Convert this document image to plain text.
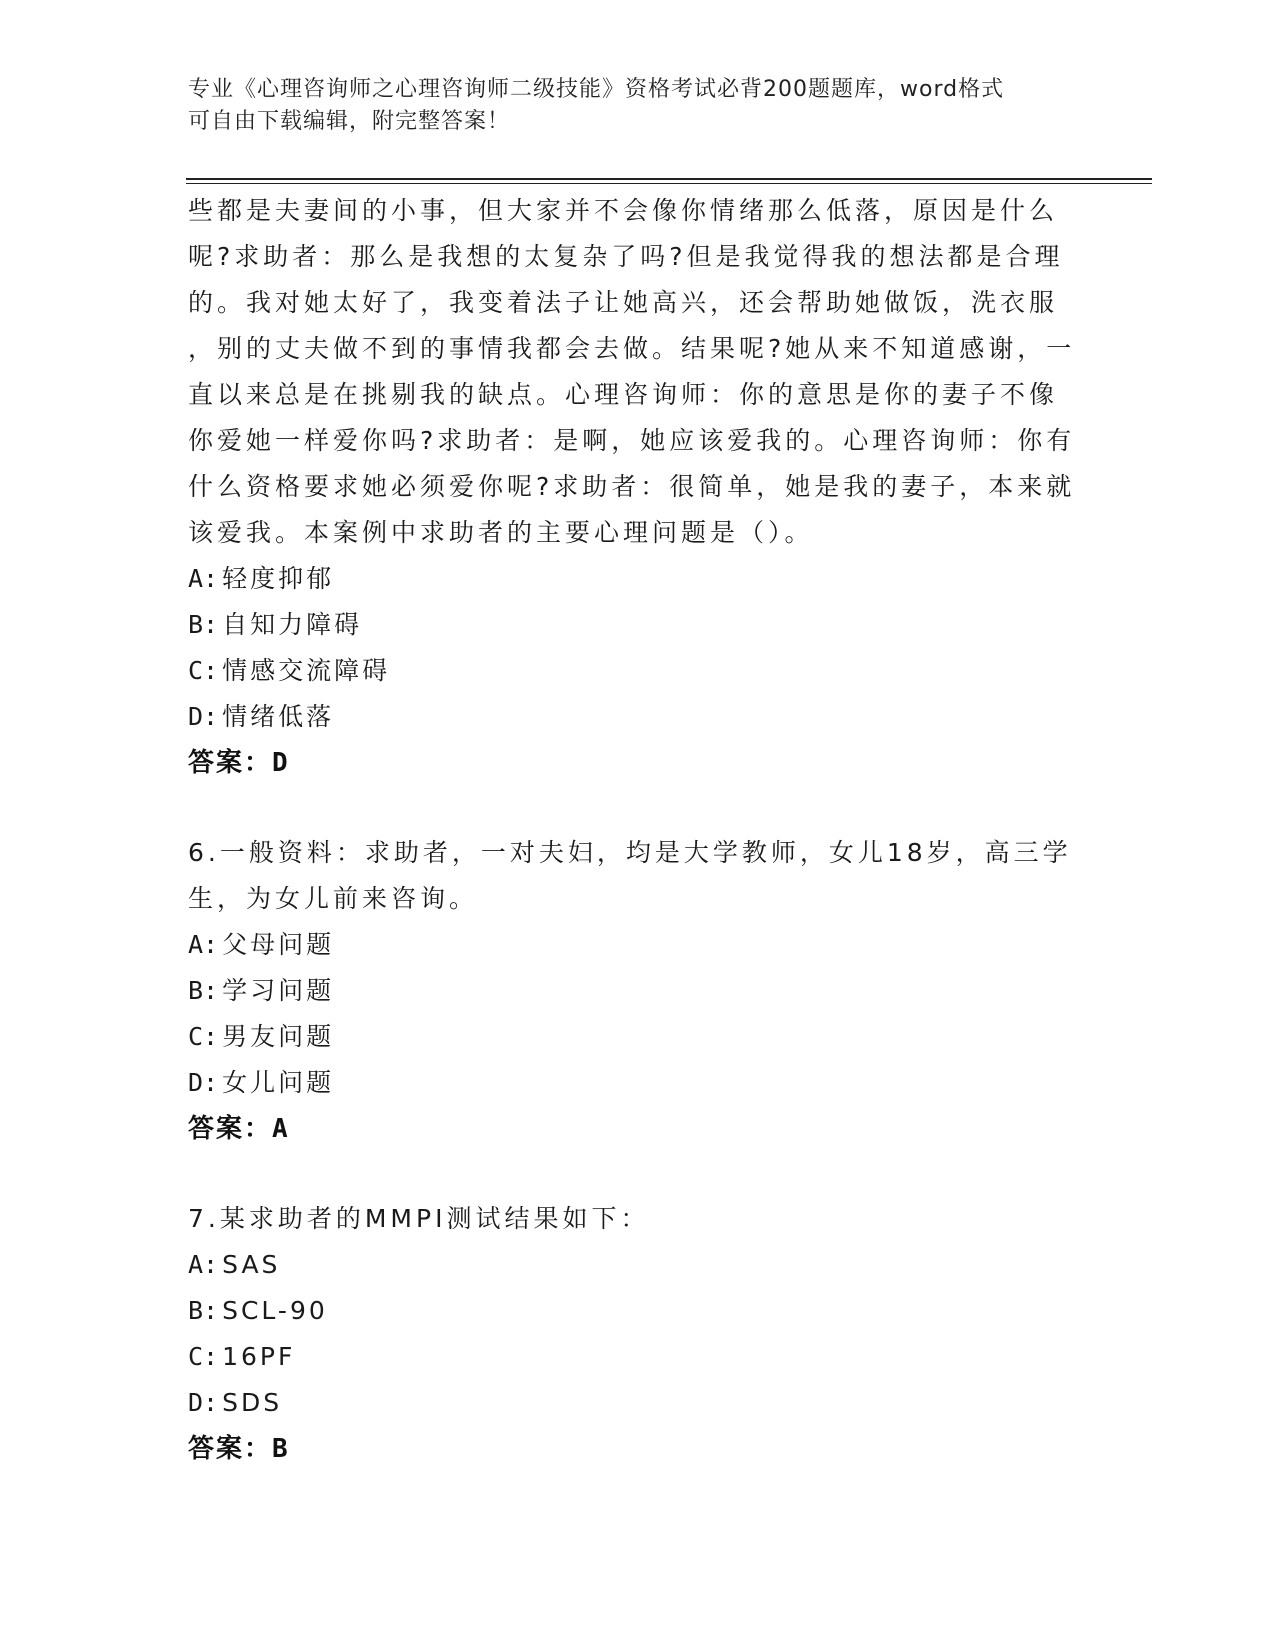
专业《心理咨询师之心理咨询师二级技能》资格考试必背200题题库，word格式
可自由下载编辑，附完整答案！
些都是夫妻间的小事，但大家并不会像你情绪那么低落，原因是什么
呢?求助者：那么是我想的太复杂了吗?但是我觉得我的想法都是合理
的。我对她太好了，我变着法子让她高兴，还会帮助她做饭，洗衣服
，别的丈夫做不到的事情我都会去做。结果呢?她从来不知道感谢，一
直以来总是在挑剔我的缺点。心理咨询师：你的意思是你的妻子不像
你爱她一样爱你吗?求助者：是啊，她应该爱我的。心理咨询师：你有
什么资格要求她必须爱你呢?求助者：很简单，她是我的妻子，本来就
该爱我。本案例中求助者的主要心理问题是（）。
A: 轻度抑郁
B: 自知力障碍
C: 情感交流障碍
D: 情绪低落
答案：D
6.一般资料：求助者，一对夫妇，均是大学教师，女儿18岁，高三学
生，为女儿前来咨询。
A: 父母问题
B: 学习问题
C: 男友问题
D: 女儿问题
答案：A
7.某求助者的MMPI测试结果如下：
A: SAS
B: SCL-90
C: 16PF
D: SDS
答案：B
